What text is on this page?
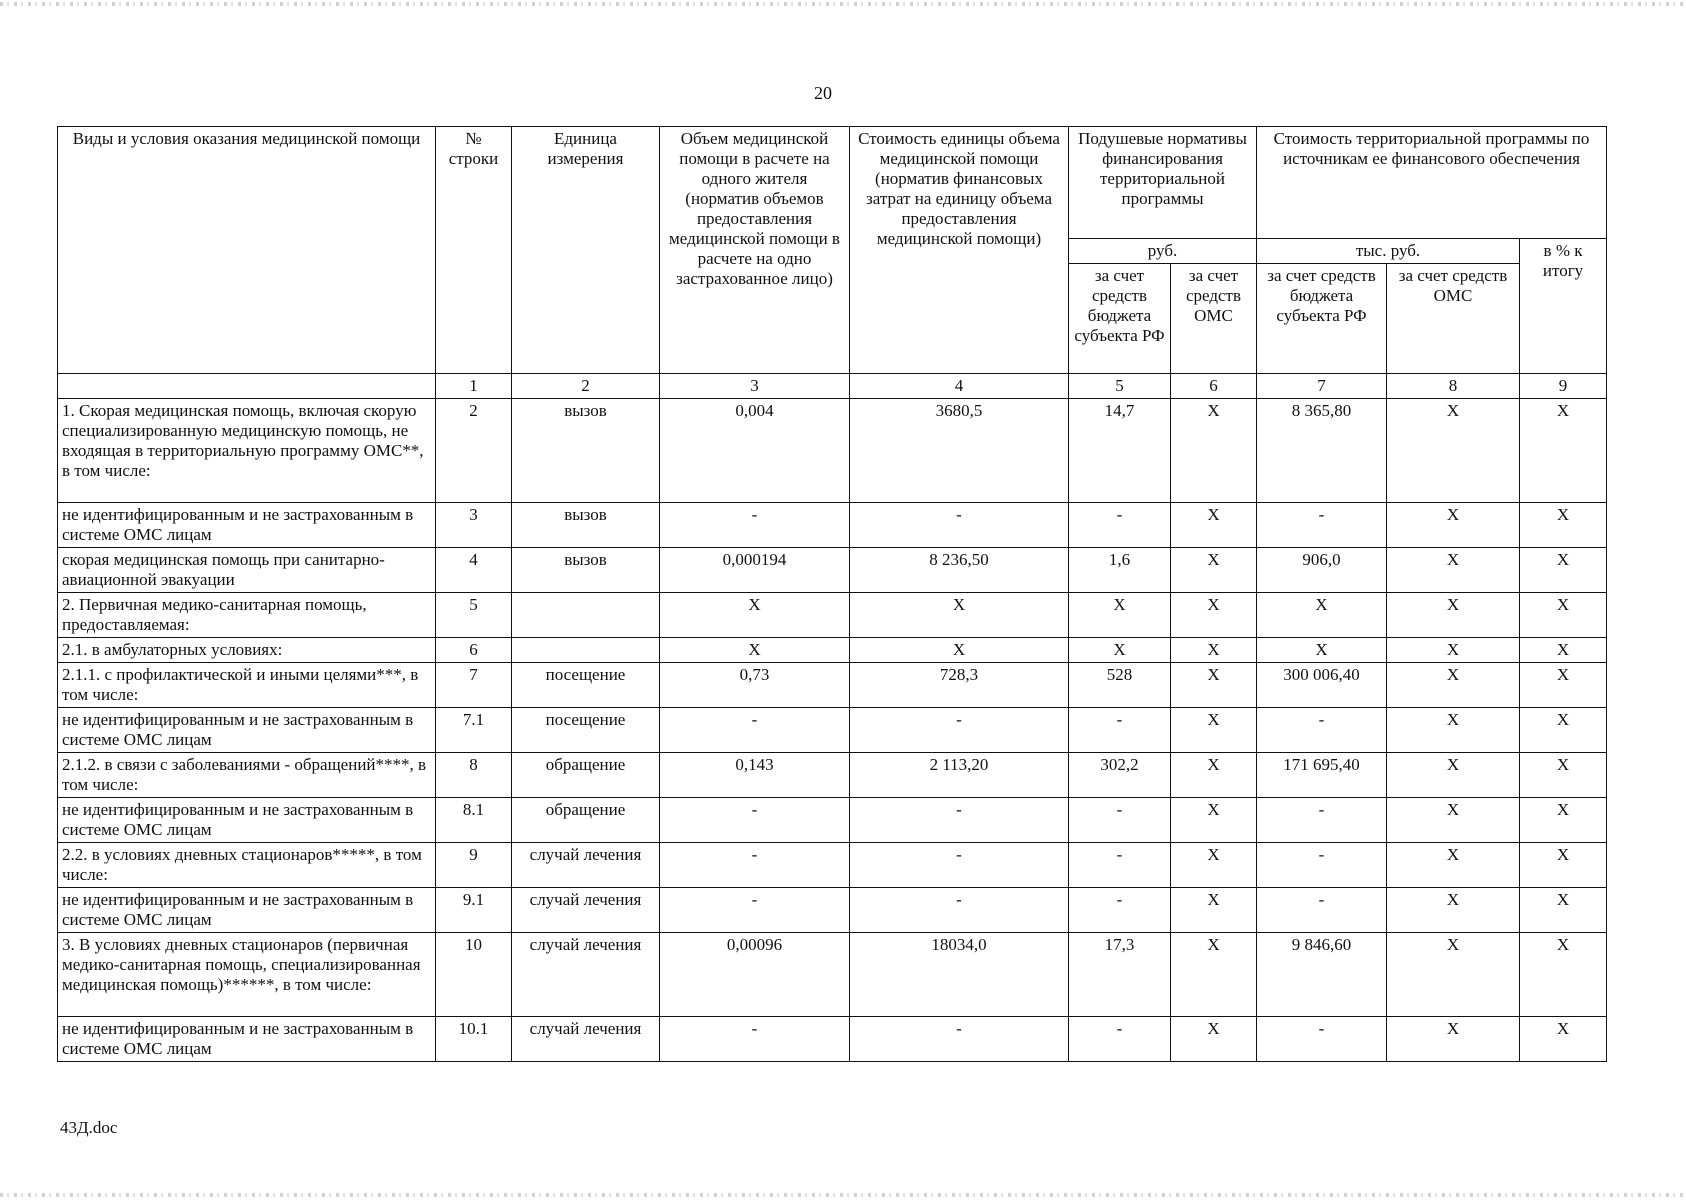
20
Виды и условия оказания медицинской помощи	№ строки	Единица измерения	Объем медицинской помощи в расчете на одного жителя (норматив объемов предоставления медицинской помощи в расчете на одно застрахованное лицо)	Стоимость единицы объема медицинской помощи (норматив финансовых затрат на единицу объема предоставления медицинской помощи)	Подушевые нормативы финансирования территориальной программы		Стоимость территориальной программы по источникам ее финансового обеспечения		
					руб.		тыс. руб.		в % к итогу
					за счет средств бюджета субъекта РФ	за счет средств ОМС	за счет средств бюджета субъекта РФ	за счет средств ОМС	
	1	2	3	4	5	6	7	8	9
1. Скорая медицинская помощь, включая скорую специализированную медицинскую помощь, не входящая в территориальную программу ОМС**, в том числе:	2	вызов	0,004	3680,5	14,7	X	8 365,80	X	X
не идентифицированным и не застрахованным в системе ОМС лицам	3	вызов	-	-	-	X	-	X	X
скорая медицинская помощь при санитарно-авиационной эвакуации	4	вызов	0,000194	8 236,50	1,6	X	906,0	X	X
2. Первичная медико-санитарная помощь, предоставляемая:	5		X	X	X	X	X	X	X
2.1. в амбулаторных условиях:	6		X	X	X	X	X	X	X
2.1.1. с профилактической и иными целями***, в том числе:	7	посещение	0,73	728,3	528	X	300 006,40	X	X
не идентифицированным и не застрахованным в системе ОМС лицам	7.1	посещение	-	-	-	X	-	X	X
2.1.2. в связи с заболеваниями - обращений****, в том числе:	8	обращение	0,143	2 113,20	302,2	X	171 695,40	X	X
не идентифицированным и не застрахованным в системе ОМС лицам	8.1	обращение	-	-	-	X	-	X	X
2.2. в условиях дневных стационаров*****, в том числе:	9	случай лечения	-	-	-	X	-	X	X
не идентифицированным и не застрахованным в системе ОМС лицам	9.1	случай лечения	-	-	-	X	-	X	X
3. В условиях дневных стационаров (первичная медико-санитарная помощь, специализированная медицинская помощь)******, в том числе:	10	случай лечения	0,00096	18034,0	17,3	X	9 846,60	X	X
не идентифицированным и не застрахованным в системе ОМС лицам	10.1	случай лечения	-	-	-	X	-	X	X
43Д.doc
